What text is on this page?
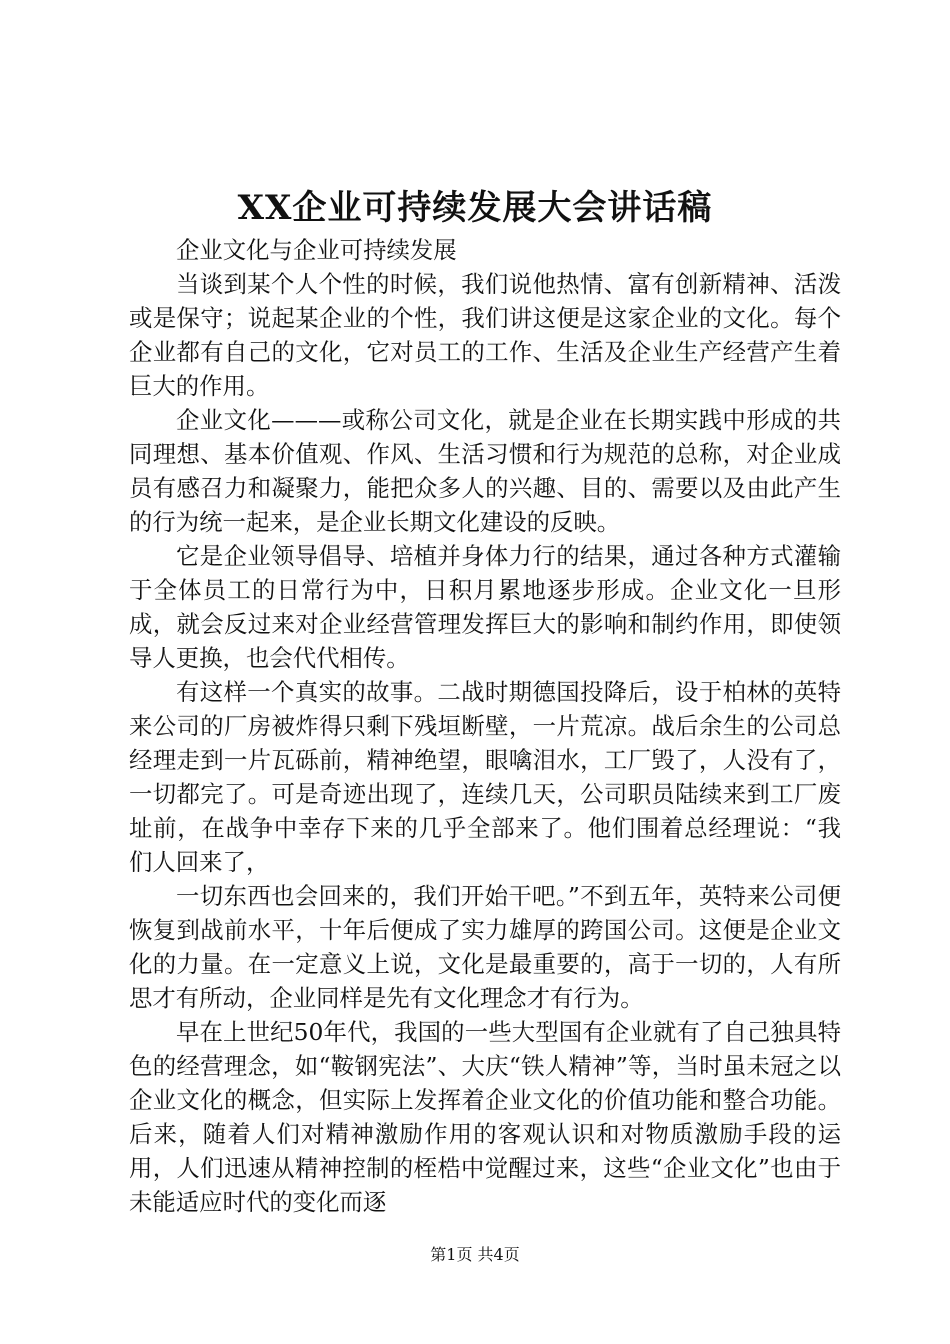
XX企业可持续发展大会讲话稿

企业文化与企业可持续发展

当谈到某个人个性的时候，我们说他热情、富有创新精神、活泼或是保守；说起某企业的个性，我们讲这便是这家企业的文化。每个企业都有自己的文化，它对员工的工作、生活及企业生产经营产生着巨大的作用。

企业文化———或称公司文化，就是企业在长期实践中形成的共同理想、基本价值观、作风、生活习惯和行为规范的总称，对企业成员有感召力和凝聚力，能把众多人的兴趣、目的、需要以及由此产生的行为统一起来，是企业长期文化建设的反映。

它是企业领导倡导、培植并身体力行的结果，通过各种方式灌输于全体员工的日常行为中，日积月累地逐步形成。企业文化一旦形成，就会反过来对企业经营管理发挥巨大的影响和制约作用，即使领导人更换，也会代代相传。

有这样一个真实的故事。二战时期德国投降后，设于柏林的英特来公司的厂房被炸得只剩下残垣断壁，一片荒凉。战后余生的公司总经理走到一片瓦砾前，精神绝望，眼噙泪水，工厂毁了，人没有了，一切都完了。可是奇迹出现了，连续几天，公司职员陆续来到工厂废址前，在战争中幸存下来的几乎全部来了。他们围着总经理说：“我们人回来了，

一切东西也会回来的，我们开始干吧。”不到五年，英特来公司便恢复到战前水平，十年后便成了实力雄厚的跨国公司。这便是企业文化的力量。在一定意义上说，文化是最重要的，高于一切的，人有所思才有所动，企业同样是先有文化理念才有行为。

早在上世纪50年代，我国的一些大型国有企业就有了自己独具特色的经营理念，如“鞍钢宪法”、大庆“铁人精神”等，当时虽未冠之以企业文化的概念，但实际上发挥着企业文化的价值功能和整合功能。后来，随着人们对精神激励作用的客观认识和对物质激励手段的运用，人们迅速从精神控制的桎梏中觉醒过来，这些“企业文化”也由于未能适应时代的变化而逐

第1页 共4页
